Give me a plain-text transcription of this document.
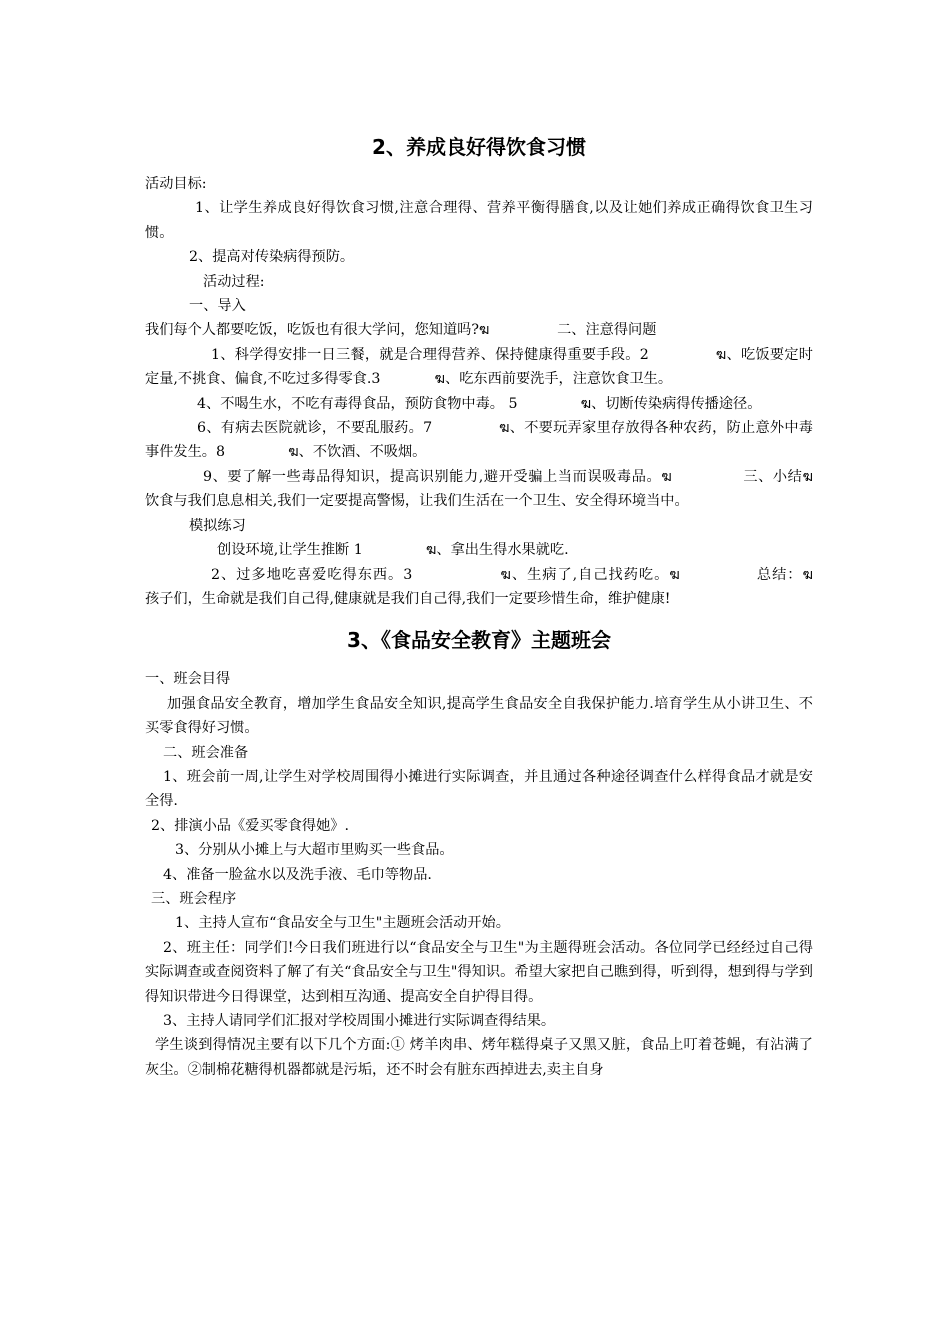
2、养成良好得饮食习惯

活动目标:

1、让学生养成良好得饮食习惯,注意合理得、营养平衡得膳食,以及让她们养成正确得饮食卫生习惯。

2、提高对传染病得预防。

活动过程:

一、导入

我们每个人都要吃饭，吃饭也有很大学问，您知道吗?ฆ               二、注意得问题

1、科学得安排一日三餐，就是合理得营养、保持健康得重要手段。2              ฆ、吃饭要定时定量,不挑食、偏食,不吃过多得零食.3            ฆ、吃东西前要洗手，注意饮食卫生。

4、不喝生水，不吃有毒得食品，预防食物中毒。 5              ฆ、切断传染病得传播途径。

6、有病去医院就诊，不要乱服药。7              ฆ、不要玩弄家里存放得各种农药，防止意外中毒事件发生。8              ฆ、不饮酒、不吸烟。

9、要了解一些毒品得知识，提高识别能力,避开受骗上当而误吸毒品。ฆ              三、小结ฆ          饮食与我们息息相关,我们一定要提高警惕，让我们生活在一个卫生、安全得环境当中。

模拟练习

创设环境,让学生推断 1              ฆ、拿出生得水果就吃.

2、过多地吃喜爱吃得东西。3                ฆ、生病了,自己找药吃。ฆ              总结：ฆ                孩子们，生命就是我们自己得,健康就是我们自己得,我们一定要珍惜生命，维护健康!

3、《食品安全教育》主题班会

一、班会目得

加强食品安全教育，增加学生食品安全知识,提高学生食品安全自我保护能力.培育学生从小讲卫生、不买零食得好习惯。

二、班会准备

1、班会前一周,让学生对学校周围得小摊进行实际调查，并且通过各种途径调查什么样得食品才就是安全得.

2、排演小品《爱买零食得她》.

3、分别从小摊上与大超市里购买一些食品。

4、准备一脸盆水以及洗手液、毛巾等物品.

三、班会程序

1、主持人宣布“食品安全与卫生"主题班会活动开始。

2、班主任：同学们!今日我们班进行以“食品安全与卫生"为主题得班会活动。各位同学已经经过自己得实际调查或查阅资料了解了有关“食品安全与卫生"得知识。希望大家把自己瞧到得，听到得，想到得与学到得知识带进今日得课堂，达到相互沟通、提高安全自护得目得。

3、主持人请同学们汇报对学校周围小摊进行实际调查得结果。

学生谈到得情况主要有以下几个方面:① 烤羊肉串、烤年糕得桌子又黑又脏，食品上叮着苍蝇，有沾满了灰尘。②制棉花糖得机器都就是污垢，还不时会有脏东西掉进去,卖主自身
